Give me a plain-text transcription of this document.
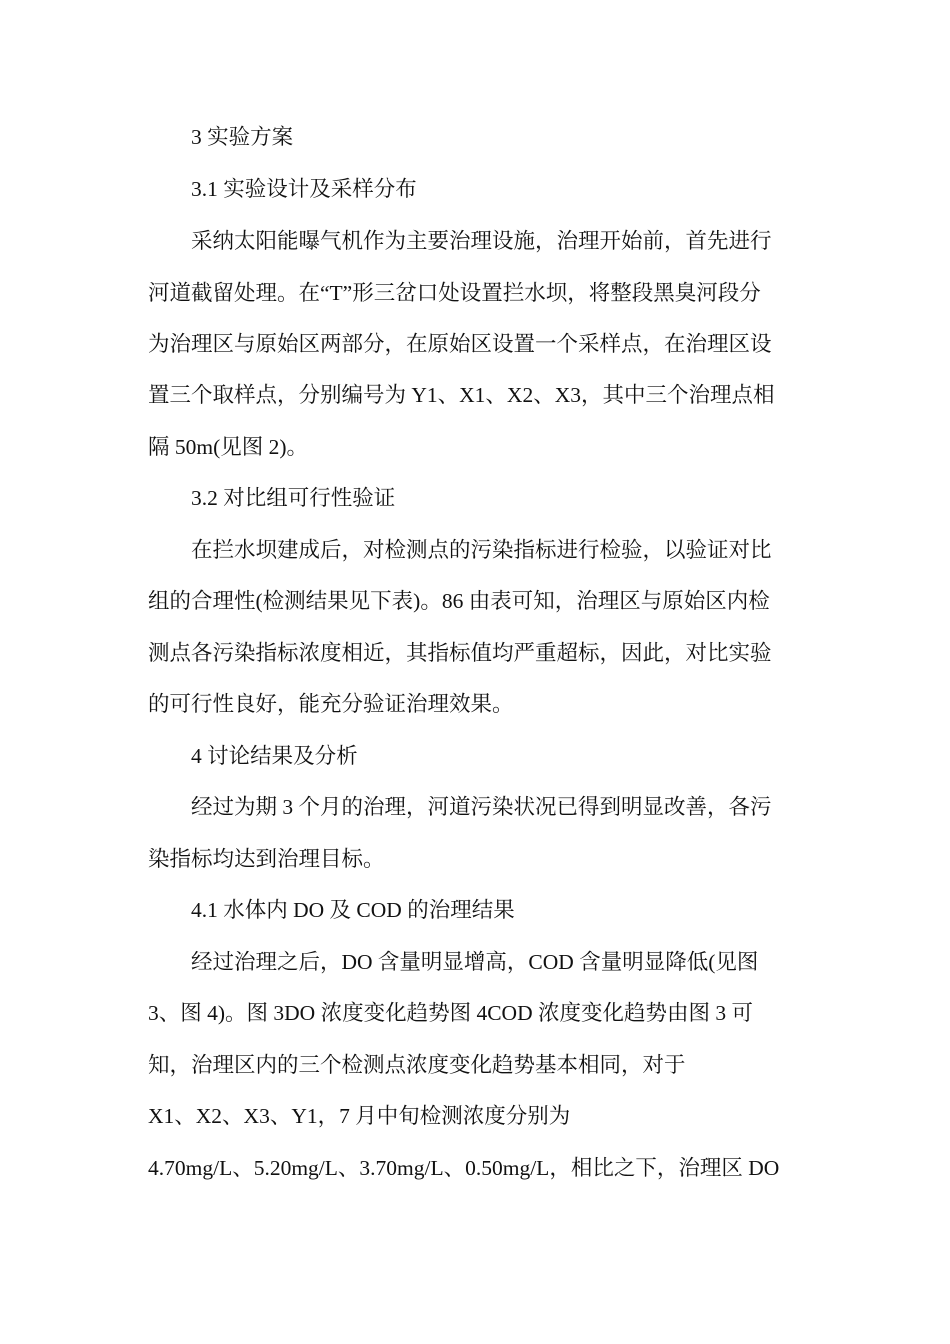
3 实验方案
3.1 实验设计及采样分布
采纳太阳能曝气机作为主要治理设施，治理开始前，首先进行
河道截留处理。在“T”形三岔口处设置拦水坝，将整段黑臭河段分
为治理区与原始区两部分，在原始区设置一个采样点，在治理区设
置三个取样点，分别编号为 Y1、X1、X2、X3，其中三个治理点相
隔 50m(见图 2)。
3.2 对比组可行性验证
在拦水坝建成后，对检测点的污染指标进行检验，以验证对比
组的合理性(检测结果见下表)。86 由表可知，治理区与原始区内检
测点各污染指标浓度相近，其指标值均严重超标，因此，对比实验
的可行性良好，能充分验证治理效果。
4 讨论结果及分析
经过为期 3 个月的治理，河道污染状况已得到明显改善，各污
染指标均达到治理目标。
4.1 水体内 DO 及 COD 的治理结果
经过治理之后，DO 含量明显增高，COD 含量明显降低(见图
3、图 4)。图 3DO 浓度变化趋势图 4COD 浓度变化趋势由图 3 可
知，治理区内的三个检测点浓度变化趋势基本相同，对于
X1、X2、X3、Y1，7 月中旬检测浓度分别为
4.70mg/L、5.20mg/L、3.70mg/L、0.50mg/L，相比之下，治理区 DO
